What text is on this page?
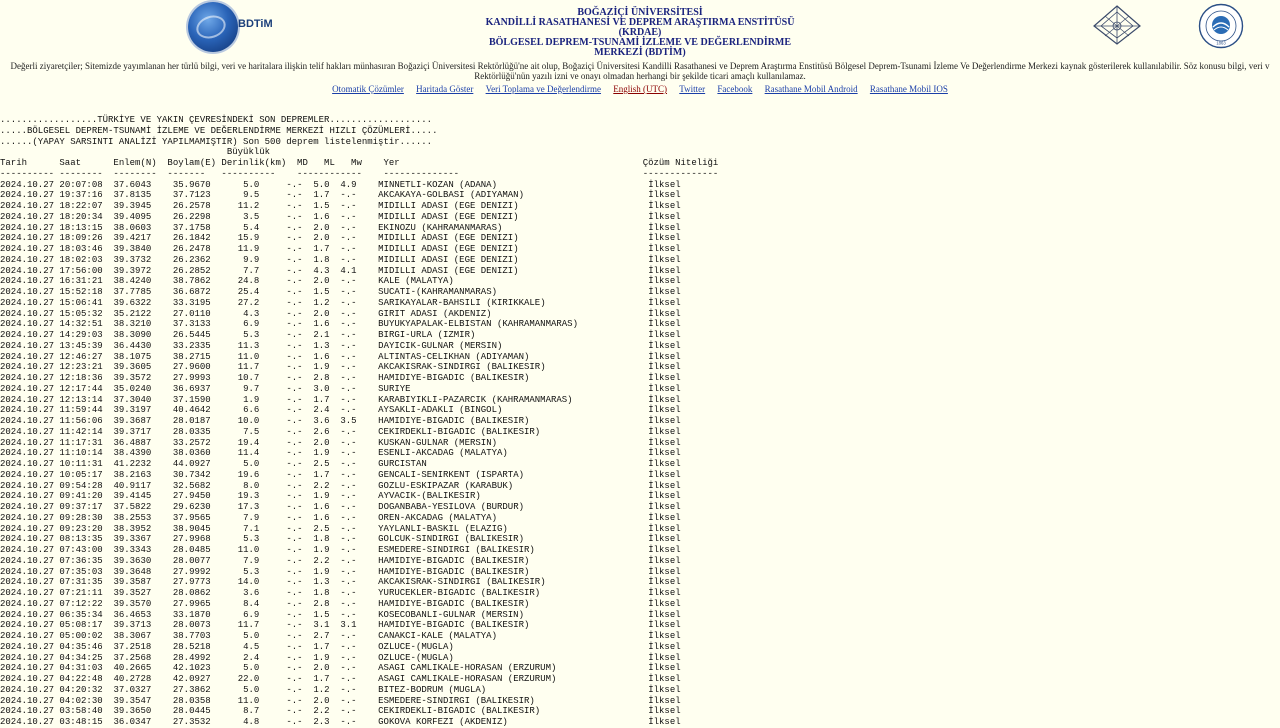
BDTiM
BOĞAZİÇİ ÜNİVERSİTESİ
KANDİLLİ RASATHANESİ VE DEPREM ARAŞTIRMA ENSTİTÜSÜ (KRDAE)
BÖLGESEL DEPREM-TSUNAMİ İZLEME VE DEĞERLENDİRME MERKEZİ (BDTİM)
1863
Değerli ziyaretçiler; Sitemizde yayımlanan her türlü bilgi, veri ve haritalara ilişkin telif hakları münhasıran Boğaziçi Üniversitesi Rektörlüğü'ne ait olup, Boğaziçi Üniversitesi Kandilli Rasathanesi ve Deprem Araştırma Enstitüsü Bölgesel Deprem-Tsunami İzleme Ve Değerlendirme Merkezi kaynak gösterilerek kullanılabilir. Söz konusu bilgi, veri v
Rektörlüğü'nün yazılı izni ve onayı olmadan herhangi bir şekilde ticari amaçlı kullanılamaz.
Otomatik Çözümler Haritada Göster Veri Toplama ve Değerlendirme English (UTC) Twitter Facebook Rasathane Mobil Android Rasathane Mobil IOS
..................TÜRKİYE VE YAKIN ÇEVRESİNDEKİ SON DEPREMLER...................
.....BÖLGESEL DEPREM-TSUNAMİ İZLEME VE DEĞERLENDİRME MERKEZİ HIZLI ÇÖZÜMLERİ.....
......(YAPAY SARSINTI ANALİZİ YAPILMAMIŞTIR) Son 500 deprem listelenmiştir......
Büyüklük
Tarih      Saat      Enlem(N)  Boylam(E) Derinlik(km)  MD   ML   Mw    Yer                                             Çözüm Niteliği
---------- --------  --------  -------   ----------    ------------    --------------                                  --------------
2024.10.27 20:07:08 37.6043 35.9670	5.0	-.- 5.0 4.9 MINNETLI-KOZAN (ADANA)	İlksel
2024.10.27 19:37:16 37.8135 37.7123	9.5	-.- 1.7 -.- AKCAKAYA-GOLBASI (ADIYAMAN)	İlksel
2024.10.27 18:22:07 39.3945 26.2578	11.2	-.- 1.5 -.- MIDILLI ADASI (EGE DENIZI)	İlksel
2024.10.27 18:20:34 39.4095 26.2298	3.5	-.- 1.6 -.- MIDILLI ADASI (EGE DENIZI)	İlksel
2024.10.27 18:13:15 38.0603 37.1758	5.4	-.- 2.0 -.- EKINOZU (KAHRAMANMARAS)	İlksel
2024.10.27 18:09:26 39.4217 26.1842	15.9	-.- 2.0 -.- MIDILLI ADASI (EGE DENIZI)	İlksel
2024.10.27 18:03:46 39.3840 26.2478	11.9	-.- 1.7 -.- MIDILLI ADASI (EGE DENIZI)	İlksel
2024.10.27 18:02:03 39.3732 26.2362	9.9	-.- 1.8 -.- MIDILLI ADASI (EGE DENIZI)	İlksel
2024.10.27 17:56:00 39.3972 26.2852	7.7	-.- 4.3 4.1 MIDILLI ADASI (EGE DENIZI)	İlksel
2024.10.27 16:31:21 38.4240 38.7862	24.8	-.- 2.0 -.- KALE (MALATYA)	İlksel
2024.10.27 15:52:18 37.7785 36.6872	25.4	-.- 1.5 -.- SUCATI-(KAHRAMANMARAS)	İlksel
2024.10.27 15:06:41 39.6322 33.3195	27.2	-.- 1.2 -.- SARIKAYALAR-BAHSILI (KIRIKKALE)	İlksel
2024.10.27 15:05:32 35.2122 27.0110	4.3	-.- 2.0 -.- GIRIT ADASI (AKDENIZ)	İlksel
2024.10.27 14:32:51 38.3210 37.3133	6.9	-.- 1.6 -.- BUYUKYAPALAK-ELBISTAN (KAHRAMANMARAS)	İlksel
2024.10.27 14:29:03 38.3090 26.5445	5.3	-.- 2.1 -.- BIRGI-URLA (IZMIR)	İlksel
2024.10.27 13:45:39 36.4430 33.2335	11.3	-.- 1.3 -.- DAYICIK-GULNAR (MERSIN)	İlksel
2024.10.27 12:46:27 38.1075 38.2715	11.0	-.- 1.6 -.- ALTINTAS-CELIKHAN (ADIYAMAN)	İlksel
2024.10.27 12:23:21 39.3605 27.9600	11.7	-.- 1.9 -.- AKCAKISRAK-SINDIRGI (BALIKESIR)	İlksel
2024.10.27 12:18:36 39.3572 27.9993	10.7	-.- 2.8 -.- HAMIDIYE-BIGADIC (BALIKESIR)	İlksel
2024.10.27 12:17:44 35.0240 36.6937	9.7	-.- 3.0 -.- SURIYE	İlksel
2024.10.27 12:13:14 37.3040 37.1590	1.9	-.- 1.7 -.- KARABIYIKLI-PAZARCIK (KAHRAMANMARAS)	İlksel
2024.10.27 11:59:44 39.3197 40.4642	6.6	-.- 2.4 -.- AYSAKLI-ADAKLI (BINGOL)	İlksel
2024.10.27 11:56:06 39.3687 28.0187	10.0	-.- 3.6 3.5 HAMIDIYE-BIGADIC (BALIKESIR)	İlksel
2024.10.27 11:42:14 39.3717 28.0335	7.5	-.- 2.6 -.- CEKIRDEKLI-BIGADIC (BALIKESIR)	İlksel
2024.10.27 11:17:31 36.4887 33.2572	19.4	-.- 2.0 -.- KUSKAN-GULNAR (MERSIN)	İlksel
2024.10.27 11:10:14 38.4390 38.0360	11.4	-.- 1.9 -.- ESENLI-AKCADAG (MALATYA)	İlksel
2024.10.27 10:11:31 41.2232 44.0927	5.0	-.- 2.5 -.- GURCISTAN	İlksel
2024.10.27 10:05:17 38.2163 30.7342	19.6	-.- 1.7 -.- GENCALI-SENIRKENT (ISPARTA)	İlksel
2024.10.27 09:54:28 40.9117 32.5682	8.0	-.- 2.2 -.- GOZLU-ESKIPAZAR (KARABUK)	İlksel
2024.10.27 09:41:20 39.4145 27.9450	19.3	-.- 1.9 -.- AYVACIK-(BALIKESIR)	İlksel
2024.10.27 09:37:17 37.5822 29.6230	17.3	-.- 1.6 -.- DOGANBABA-YESILOVA (BURDUR)	İlksel
2024.10.27 09:28:30 38.2553 37.9565	7.9	-.- 1.6 -.- OREN-AKCADAG (MALATYA)	İlksel
2024.10.27 09:23:20 38.3952 38.9045	7.1	-.- 2.5 -.- YAYLANLI-BASKIL (ELAZIG)	İlksel
2024.10.27 08:13:35 39.3367 27.9968	5.3	-.- 1.8 -.- GOLCUK-SINDIRGI (BALIKESIR)	İlksel
2024.10.27 07:43:00 39.3343 28.0485	11.0	-.- 1.9 -.- ESMEDERE-SINDIRGI (BALIKESIR)	İlksel
2024.10.27 07:36:35 39.3630 28.0077	7.9	-.- 2.2 -.- HAMIDIYE-BIGADIC (BALIKESIR)	İlksel
2024.10.27 07:35:03 39.3648 27.9992	5.3	-.- 1.9 -.- HAMIDIYE-BIGADIC (BALIKESIR)	İlksel
2024.10.27 07:31:35 39.3587 27.9773	14.0	-.- 1.3 -.- AKCAKISRAK-SINDIRGI (BALIKESIR)	İlksel
2024.10.27 07:21:11 39.3527 28.0862	3.6	-.- 1.8 -.- YURUCEKLER-BIGADIC (BALIKESIR)	İlksel
2024.10.27 07:12:22 39.3570 27.9965	8.4	-.- 2.8 -.- HAMIDIYE-BIGADIC (BALIKESIR)	İlksel
2024.10.27 06:35:34 36.4653 33.1870	6.9	-.- 1.5 -.- KOSECOBANLI-GULNAR (MERSIN)	İlksel
2024.10.27 05:08:17 39.3713 28.0073	11.7	-.- 3.1 3.1 HAMIDIYE-BIGADIC (BALIKESIR)	İlksel
2024.10.27 05:00:02 38.3067 38.7703	5.0	-.- 2.7 -.- CANAKCI-KALE (MALATYA)	İlksel
2024.10.27 04:35:46 37.2518 28.5218	4.5	-.- 1.7 -.- OZLUCE-(MUGLA)	İlksel
2024.10.27 04:34:25 37.2568 28.4992	2.4	-.- 1.9 -.- OZLUCE-(MUGLA)	İlksel
2024.10.27 04:31:03 40.2665 42.1023	5.0	-.- 2.0 -.- ASAGI CAMLIKALE-HORASAN (ERZURUM)	İlksel
2024.10.27 04:22:48 40.2728 42.0927	22.0	-.- 1.7 -.- ASAGI CAMLIKALE-HORASAN (ERZURUM)	İlksel
2024.10.27 04:20:32 37.0327 27.3862	5.0	-.- 1.2 -.- BITEZ-BODRUM (MUGLA)	İlksel
2024.10.27 04:02:30 39.3547 28.0358	11.0	-.- 2.0 -.- ESMEDERE-SINDIRGI (BALIKESIR)	İlksel
2024.10.27 03:58:40 39.3650 28.0445	8.7	-.- 2.2 -.- CEKIRDEKLI-BIGADIC (BALIKESIR)	İlksel
2024.10.27 03:48:15 36.0347 27.3532	4.8	-.- 2.3 -.- GOKOVA KORFEZI (AKDENIZ)	İlksel
